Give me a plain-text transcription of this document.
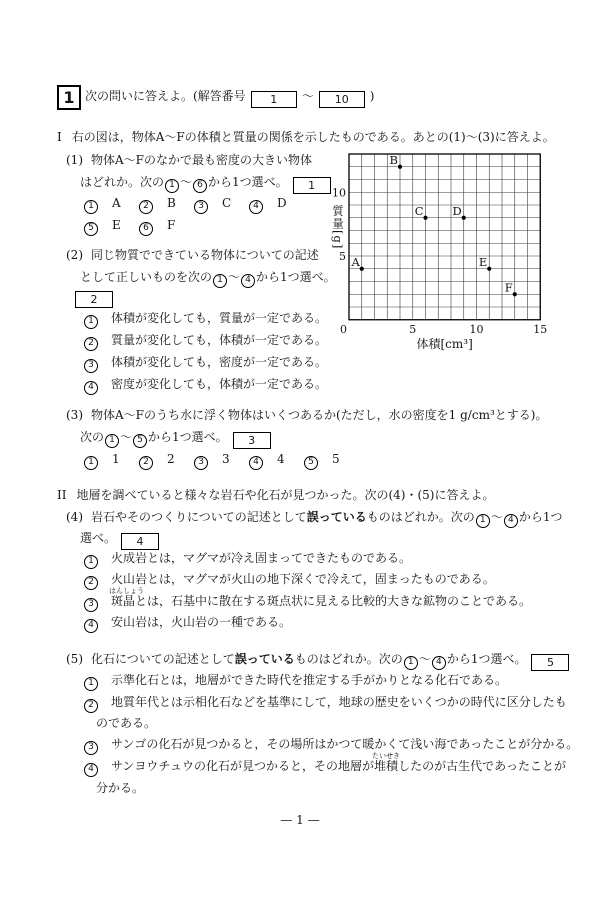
1 次の問いに答えよ。(解答番号 1 ～ 10 )
I 右の図は，物体A～Fの体積と質量の関係を示したものである。あとの(1)～(3)に答えよ。
質量[g]
0	5	10	15
5
10
A
B
C	D
E
F
体積[cm³]
(1) 物体A～Fのなかで最も密度の大きい物体
はどれか。次の 1 ～ 6 から1つ選べ。 1
1 A 2 B 3 C 4 D
5 E 6 F
(2) 同じ物質でできている物体についての記述
として正しいものを次の 1 ～ 4 から1つ選べ。
2
1 体積が変化しても，質量が一定である。
2 質量が変化しても，体積が一定である。
3 体積が変化しても，密度が一定である。
4 密度が変化しても，体積が一定である。
(3) 物体A～Fのうち水に浮く物体はいくつあるか(ただし，水の密度を1 g/cm³とする)。
次の 1 ～ 5 から1つ選べ。 3
1 1	2 2	3 3	4 4	5 5
II 地層を調べていると様々な岩石や化石が見つかった。次の(4)・(5)に答えよ。
(4) 岩石やそのつくりについての記述として誤っているものはどれか。次の 1 ～ 4 から1つ
選べ。 4
1 火成岩とは，マグマが冷え固まってできたものである。
2 火山岩とは，マグマが火山の地下深くで冷えて，固まったものである。
3
はんしょう
斑晶とは，石基中に散在する斑点状に見える比較的大きな鉱物のことである。
4 安山岩は，火山岩の一種である。
(5) 化石についての記述として誤っているものはどれか。次の 1 ～ 4 から1つ選べ。 5
1 示準化石とは，地層ができた時代を推定する手がかりとなる化石である。
2 地質年代とは示相化石などを基準にして，地球の歴史をいくつかの時代に区分したも
のである。
3 サンゴの化石が見つかると，その場所はかつて暖かくて浅い海であったことが分かる。
4 サンヨウチュウの化石が見つかると，その地層が
たいせき
堆積したのが古生代であったことが
分かる。
— 1 —
